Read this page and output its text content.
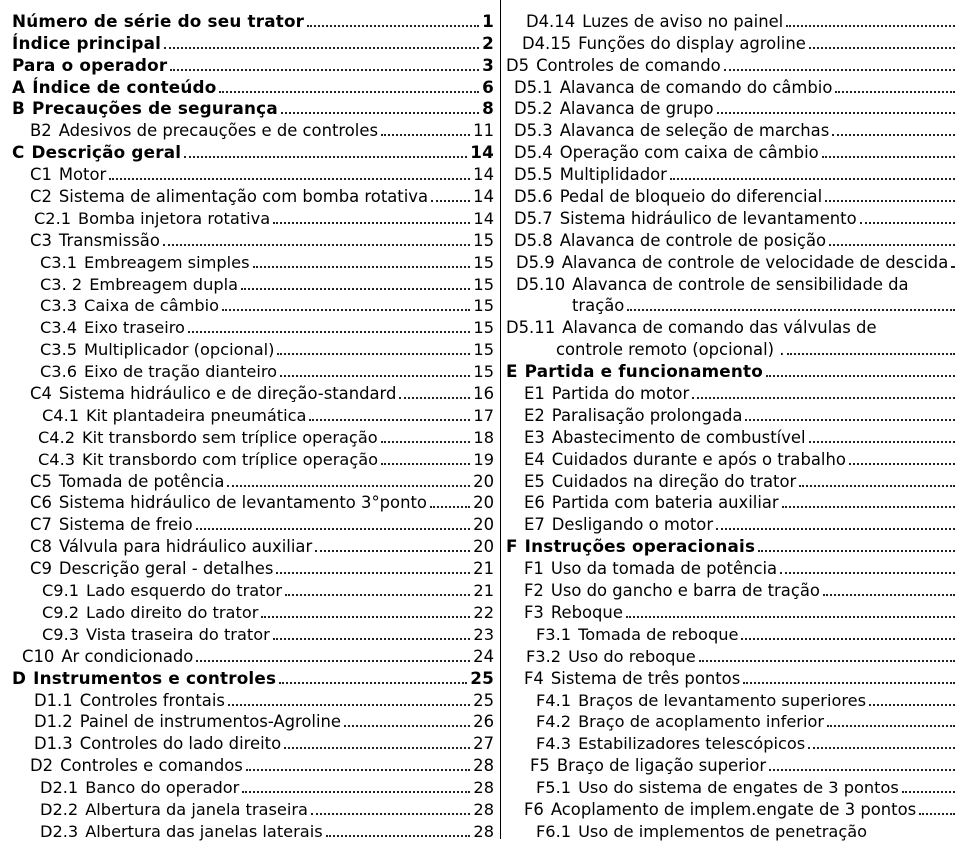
Número de série do seu trator	1
Índice principal	2
Para o operador	3
A Índice de conteúdo	6
B Precauções de segurança	8
B2 Adesivos de precauções e de controles	11
C Descrição geral	14
C1 Motor	14
C2 Sistema de alimentação com bomba rotativa	14
C2.1 Bomba injetora rotativa	14
C3 Transmissão	15
C3.1 Embreagem simples	15
C3. 2 Embreagem dupla	15
C3.3 Caixa de câmbio	15
C3.4 Eixo traseiro	15
C3.5 Multiplicador (opcional)	15
C3.6 Eixo de tração dianteiro	15
C4 Sistema hidráulico e de direção-standard	16
C4.1 Kit plantadeira pneumática	17
C4.2 Kit transbordo sem tríplice operação	18
C4.3 Kit transbordo com tríplice operação	19
C5 Tomada de potência	20
C6 Sistema hidráulico de levantamento 3°ponto	20
C7 Sistema de freio	20
C8 Válvula para hidráulico auxiliar	20
C9 Descrição geral - detalhes	21
C9.1 Lado esquerdo do trator	21
C9.2 Lado direito do trator	22
C9.3 Vista traseira do trator	23
C10 Ar condicionado	24
D Instrumentos e controles	25
D1.1 Controles frontais	25
D1.2 Painel de instrumentos-Agroline	26
D1.3 Controles do lado direito	27
D2 Controles e comandos	28
D2.1 Banco do operador	28
D2.2 Albertura da janela traseira	28
D2.3 Albertura das janelas laterais	28
D4.14 Luzes de aviso no painel
D4.15 Funções do display agroline
D5 Controles de comando
D5.1 Alavanca de comando do câmbio
D5.2 Alavanca de grupo
D5.3 Alavanca de seleção de marchas
D5.4 Operação com caixa de câmbio
D5.5 Multiplidador
D5.6 Pedal de bloqueio do diferencial
D5.7 Sistema hidráulico de levantamento
D5.8 Alavanca de controle de posição
D5.9 Alavanca de controle de velocidade de descida
D5.10 Alavanca de controle de sensibilidade da
tração
D5.11 Alavanca de comando das válvulas de
controle remoto (opcional) .
E Partida e funcionamento
E1 Partida do motor
E2 Paralisação prolongada
E3 Abastecimento de combustível
E4 Cuidados durante e após o trabalho
E5 Cuidados na direção do trator
E6 Partida com bateria auxiliar
E7 Desligando o motor
F Instruções operacionais
F1 Uso da tomada de potência
F2 Uso do gancho e barra de tração
F3 Reboque
F3.1 Tomada de reboque
F3.2 Uso do reboque
F4 Sistema de três pontos
F4.1 Braços de levantamento superiores
F4.2 Braço de acoplamento inferior
F4.3 Estabilizadores telescópicos
F5 Braço de ligação superior
F5.1 Uso do sistema de engates de 3 pontos
F6 Acoplamento de implem.engate de 3 pontos
F6.1 Uso de implementos de penetração
